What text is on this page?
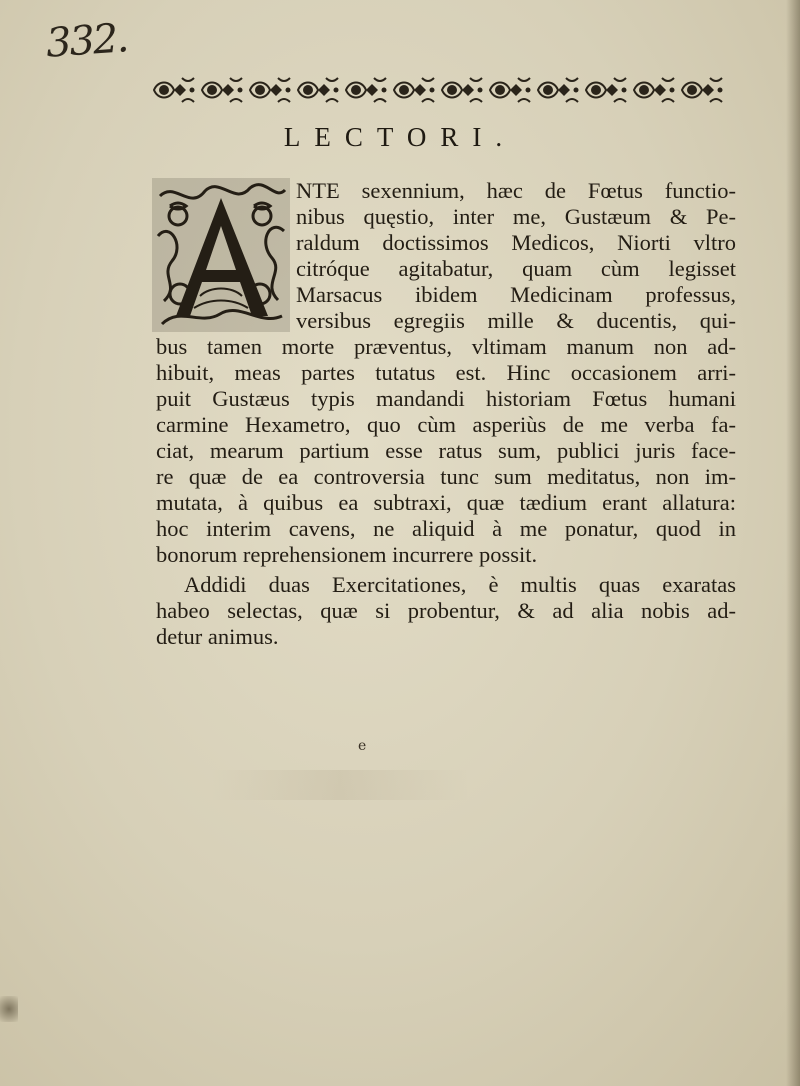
332.
LECTORI.
NTE sexennium, hæc de Fœtus functio-
nibus quęstio, inter me, Gustæum & Pe-
raldum doctissimos Medicos, Niorti vltro
citróque agitabatur, quam cùm legisset
Marsacus ibidem Medicinam professus,
versibus egregiis mille & ducentis, qui-
bus tamen morte præventus, vltimam manum non ad-
hibuit, meas partes tutatus est. Hinc occasionem arri-
puit Gustæus typis mandandi historiam Fœtus humani
carmine Hexametro, quo cùm asperiùs de me verba fa-
ciat, mearum partium esse ratus sum, publici juris face-
re quæ de ea controversia tunc sum meditatus, non im-
mutata, à quibus ea subtraxi, quæ tædium erant allatura:
hoc interim cavens, ne aliquid à me ponatur, quod in
bonorum reprehensionem incurrere possit.
Addidi duas Exercitationes, è multis quas exaratas
habeo selectas, quæ si probentur, & ad alia nobis ad-
detur animus.
e
